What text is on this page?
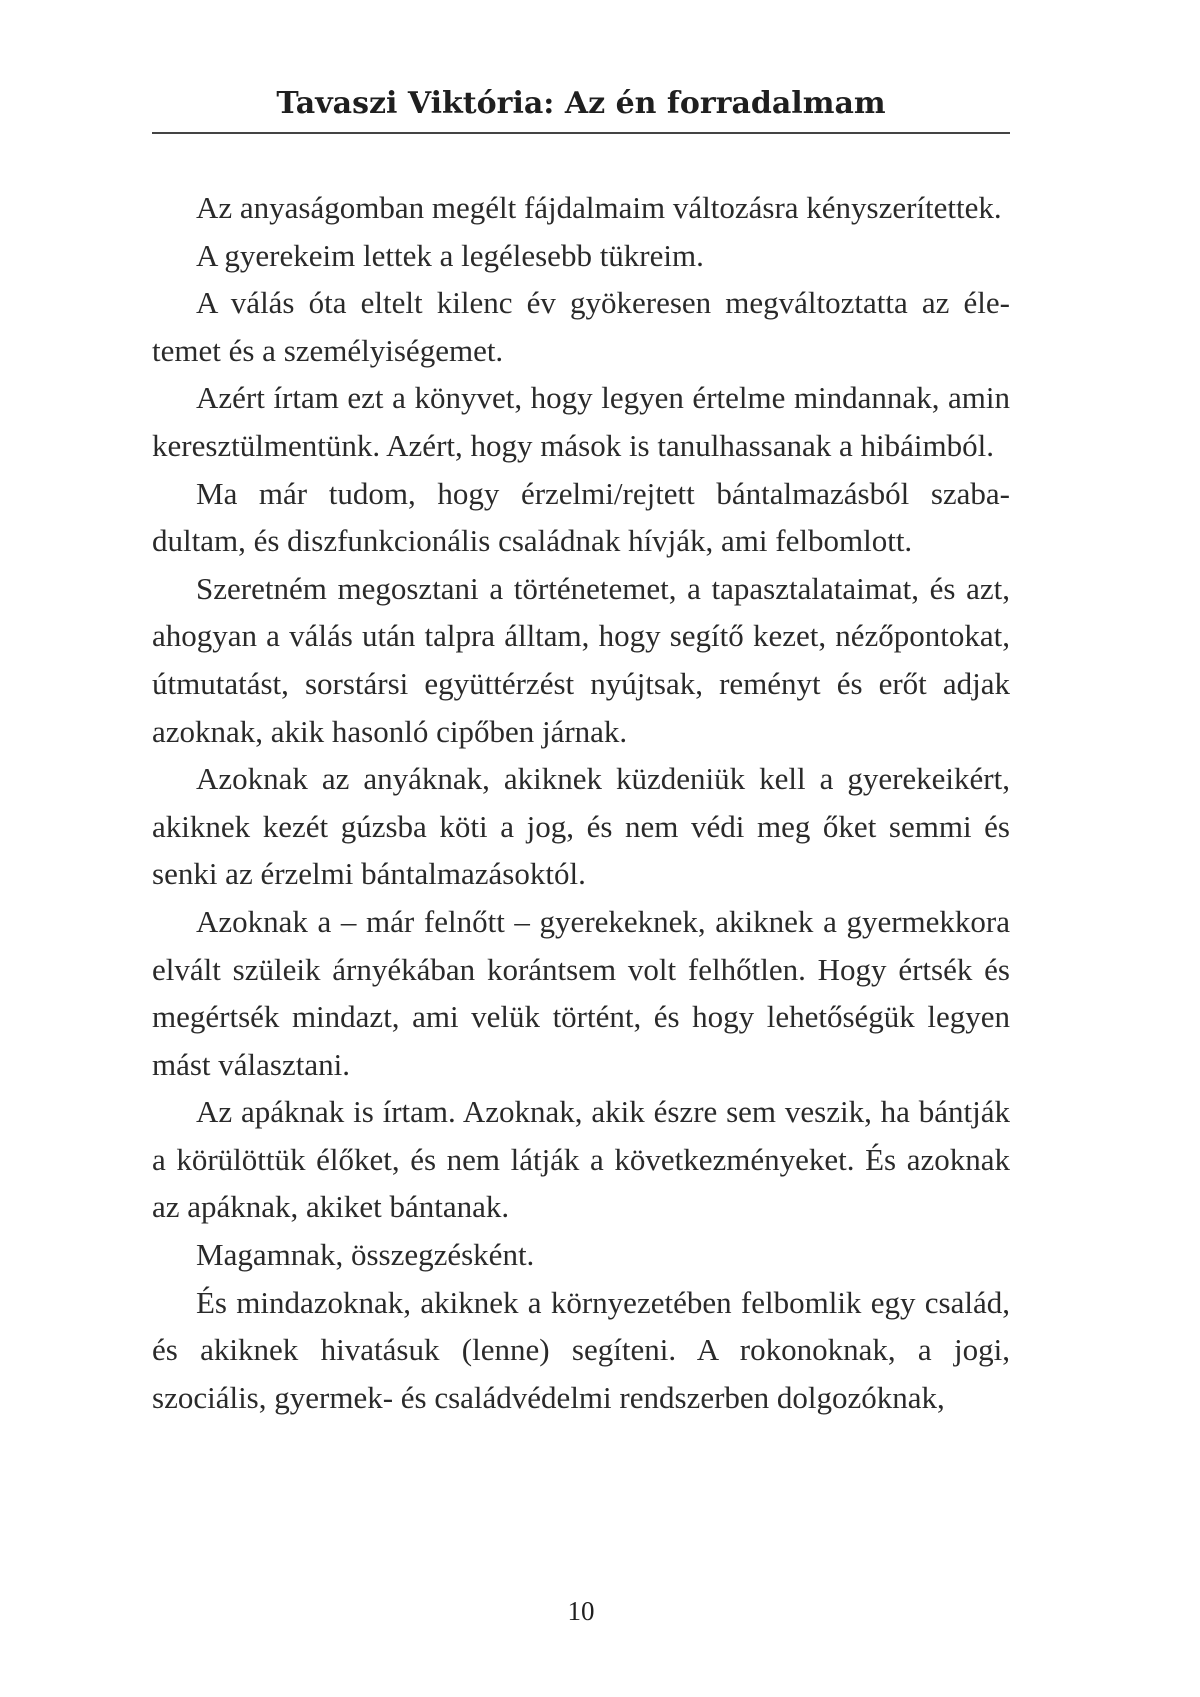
Tavaszi Viktória: Az én forradalmam

Az anyaságomban megélt fájdalmaim változásra kényszerítettek.

A gyerekeim lettek a legélesebb tükreim.

A válás óta eltelt kilenc év gyökeresen megváltoztatta az életemet és a személyiségemet.

Azért írtam ezt a könyvet, hogy legyen értelme mindannak, amin keresztülmentünk. Azért, hogy mások is tanulhassanak a hibáimból.

Ma már tudom, hogy érzelmi/rejtett bántalmazásból szabadultam, és diszfunkcionális családnak hívják, ami felbomlott.

Szeretném megosztani a történetemet, a tapasztalataimat, és azt, ahogyan a válás után talpra álltam, hogy segítő kezet, nézőpontokat, útmutatást, sorstársi együttérzést nyújtsak, reményt és erőt adjak azoknak, akik hasonló cipőben járnak.

Azoknak az anyáknak, akiknek küzdeniük kell a gyerekeikért, akiknek kezét gúzsba köti a jog, és nem védi meg őket semmi és senki az érzelmi bántalmazásoktól.

Azoknak a – már felnőtt – gyerekeknek, akiknek a gyermekkora elvált szüleik árnyékában korántsem volt felhőtlen. Hogy értsék és megértsék mindazt, ami velük történt, és hogy lehetőségük legyen mást választani.

Az apáknak is írtam. Azoknak, akik észre sem veszik, ha bántják a körülöttük élőket, és nem látják a következményeket. És azoknak az apáknak, akiket bántanak.

Magamnak, összegzésként.

És mindazoknak, akiknek a környezetében felbomlik egy család, és akiknek hivatásuk (lenne) segíteni. A rokonoknak, a jogi, szociális, gyermek- és családvédelmi rendszerben dolgozóknak,

10
